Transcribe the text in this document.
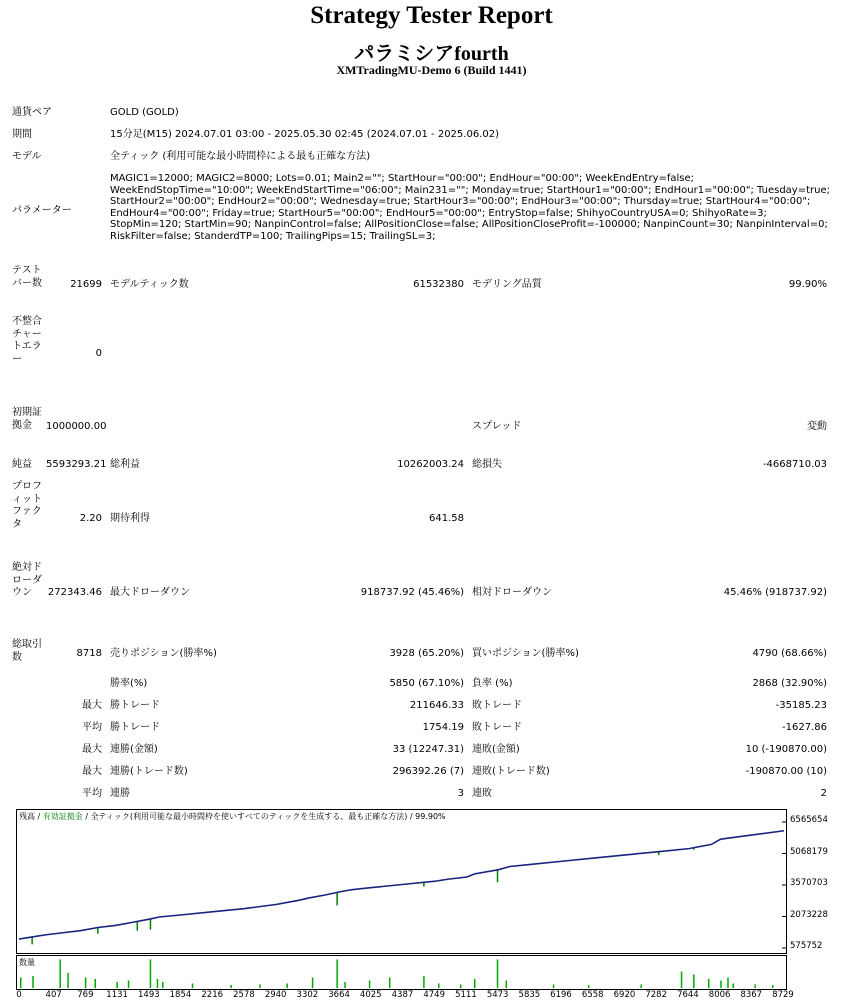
Strategy Tester Report
パラミシアfourth
XMTradingMU-Demo 6 (Build 1441)
通貨ペア	GOLD (GOLD)
期間	15分足(M15) 2024.07.01 03:00 - 2025.05.30 02:45 (2024.07.01 - 2025.06.02)
モデル	全ティック (利用可能な最小時間枠による最も正確な方法)
パラメーター
MAGIC1=12000; MAGIC2=8000; Lots=0.01; Main2=""; StartHour="00:00"; EndHour="00:00"; WeekEndEntry=false; WeekEndStopTime="10:00"; WeekEndStartTime="06:00"; Main231=""; Monday=true; StartHour1="00:00"; EndHour1="00:00"; Tuesday=true; StartHour2="00:00"; EndHour2="00:00"; Wednesday=true; StartHour3="00:00"; EndHour3="00:00"; Thursday=true; StartHour4="00:00"; EndHour4="00:00"; Friday=true; StartHour5="00:00"; EndHour5="00:00"; EntryStop=false; ShihyoCountryUSA=0; ShihyoRate=3; StopMin=120; StartMin=90; NanpinControl=false; AllPositionClose=false; AllPositionCloseProfit=-100000; NanpinCount=30; NanpinInterval=0; RiskFilter=false; StanderdTP=100; TrailingPips=15; TrailingSL=3;
テストバー数	21699 モデルティック数	61532380 モデリング品質	99.90%
不整合チャートエラー	0
初期証拠金	1000000.00	スプレッド	変動
純益	5593293.21 総利益	10262003.24 総損失	-4668710.03
プロフィットファクタ	2.20 期待利得	641.58
絶対ドローダウン	272343.46 最大ドローダウン	918737.92 (45.46%) 相対ドローダウン	45.46% (918737.92)
総取引数	8718 売りポジション(勝率%)	3928 (65.20%) 買いポジション(勝率%)	4790 (68.66%)
勝率(%)	5850 (67.10%) 負率 (%)	2868 (32.90%)
最大 勝トレード	211646.33 敗トレード	-35185.23
平均 勝トレード	1754.19 敗トレード	-1627.86
最大 連勝(金額)	33 (12247.31) 連敗(金額)	10 (-190870.00)
最大 連勝(トレード数)	296392.26 (7) 連敗(トレード数)	-190870.00 (10)
平均 連勝	3 連敗	2
残高 / 有効証拠金 / 全ティック(利用可能な最小時間枠を使いすべてのティックを生成する、最も正確な方法) / 99.90%	6565654
5068179
3570703
2073228
575752
数量
0	407 769 1131 1493 1854 2216 2578 2940 3302 3664 4025 4387 4749 5111 5473 5835 6196 6558 6920 7282 7644 8006 8367 8729
